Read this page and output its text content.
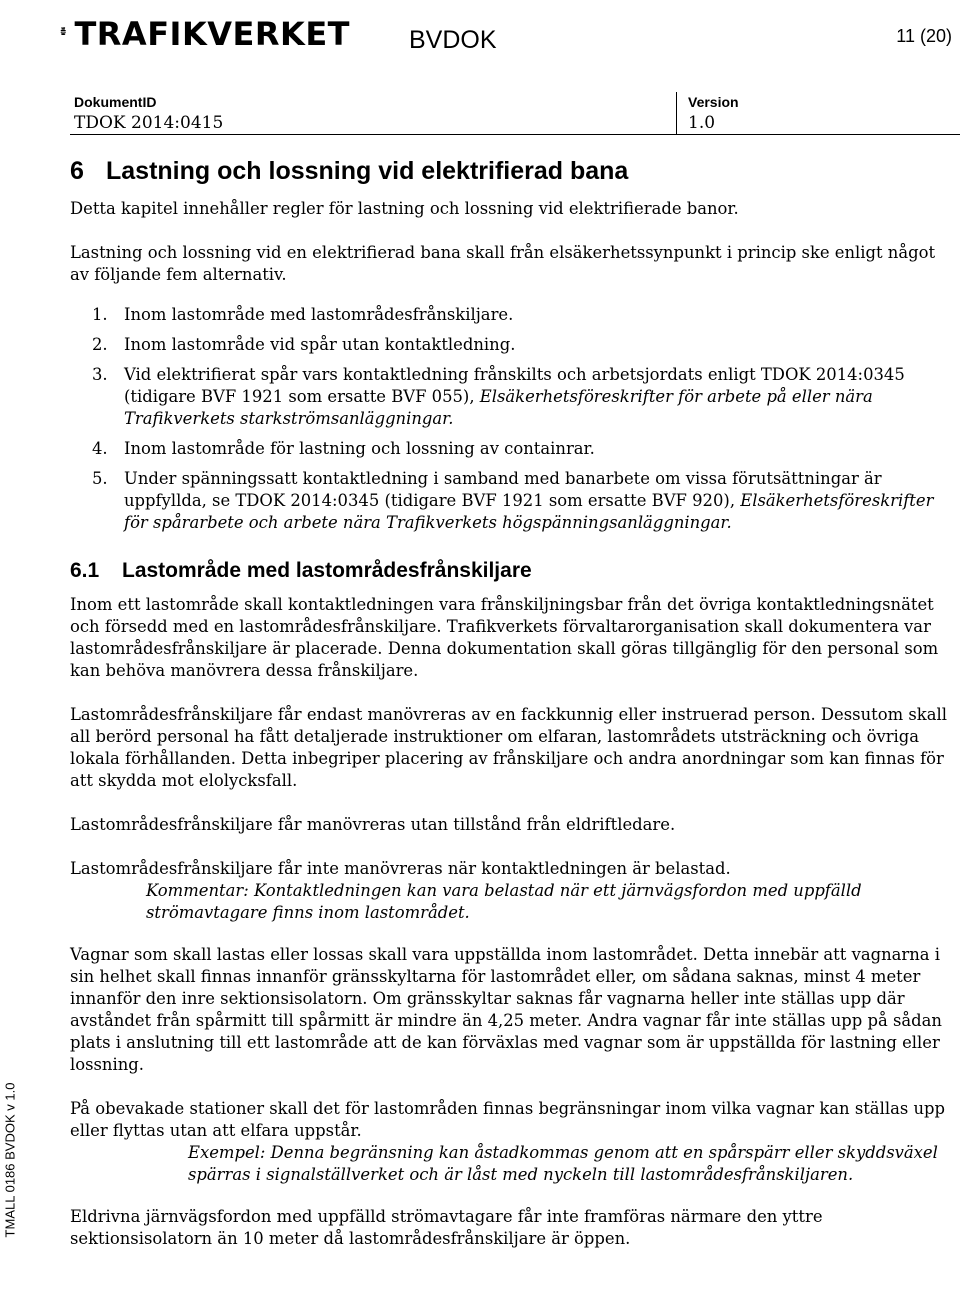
TRAFIKVERKET BVDOK	11 (20)
DokumentID
TDOK 2014:0415
Version
1.0
TMALL 0186 BVDOK v 1.0
6 Lastning och lossning vid elektrifierad bana

Detta kapitel innehåller regler för lastning och lossning vid elektrifierade banor.

Lastning och lossning vid en elektrifierad bana skall från elsäkerhetssynpunkt i princip ske enligt något av följande fem alternativ.

1. Inom lastområde med lastområdesfrånskiljare.
2. Inom lastområde vid spår utan kontaktledning.
3. Vid elektrifierat spår vars kontaktledning frånskilts och arbetsjordats enligt TDOK 2014:0345 (tidigare BVF 1921 som ersatte BVF 055), Elsäkerhetsföreskrifter för arbete på eller nära Trafikverkets starkströmsanläggningar.
4. Inom lastområde för lastning och lossning av containrar.
5. Under spänningssatt kontaktledning i samband med banarbete om vissa förutsättningar är uppfyllda, se TDOK 2014:0345 (tidigare BVF 1921 som ersatte BVF 920), Elsäkerhetsföreskrifter för spårarbete och arbete nära Trafikverkets högspänningsanläggningar.
6.1 Lastområde med lastområdesfrånskiljare

Inom ett lastområde skall kontaktledningen vara frånskiljningsbar från det övriga kontaktledningsnätet och försedd med en lastområdesfrånskiljare. Trafikverkets förvaltarorganisation skall dokumentera var lastområdesfrånskiljare är placerade. Denna dokumentation skall göras tillgänglig för den personal som kan behöva manövrera dessa frånskiljare.

Lastområdesfrånskiljare får endast manövreras av en fackkunnig eller instruerad person. Dessutom skall all berörd personal ha fått detaljerade instruktioner om elfaran, lastområdets utsträckning och övriga lokala förhållanden. Detta inbegriper placering av frånskiljare och andra anordningar som kan finnas för att skydda mot elolycksfall.

Lastområdesfrånskiljare får manövreras utan tillstånd från eldriftledare.

Lastområdesfrånskiljare får inte manövreras när kontaktledningen är belastad.

Kommentar: Kontaktledningen kan vara belastad när ett järnvägsfordon med uppfälld strömavtagare finns inom lastområdet.

Vagnar som skall lastas eller lossas skall vara uppställda inom lastområdet. Detta innebär att vagnarna i sin helhet skall finnas innanför gränsskyltarna för lastområdet eller, om sådana saknas, minst 4 meter innanför den inre sektionsisolatorn. Om gränsskyltar saknas får vagnarna heller inte ställas upp där avståndet från spårmitt till spårmitt är mindre än 4,25 meter. Andra vagnar får inte ställas upp på sådan plats i anslutning till ett lastområde att de kan förväxlas med vagnar som är uppställda för lastning eller lossning.

På obevakade stationer skall det för lastområden finnas begränsningar inom vilka vagnar kan ställas upp eller flyttas utan att elfara uppstår.

Exempel: Denna begränsning kan åstadkommas genom att en spårspärr eller skyddsväxel spärras i signalställverket och är låst med nyckeln till lastområdesfrånskiljaren.

Eldrivna järnvägsfordon med uppfälld strömavtagare får inte framföras närmare den yttre sektionsisolatorn än 10 meter då lastområdesfrånskiljare är öppen.
